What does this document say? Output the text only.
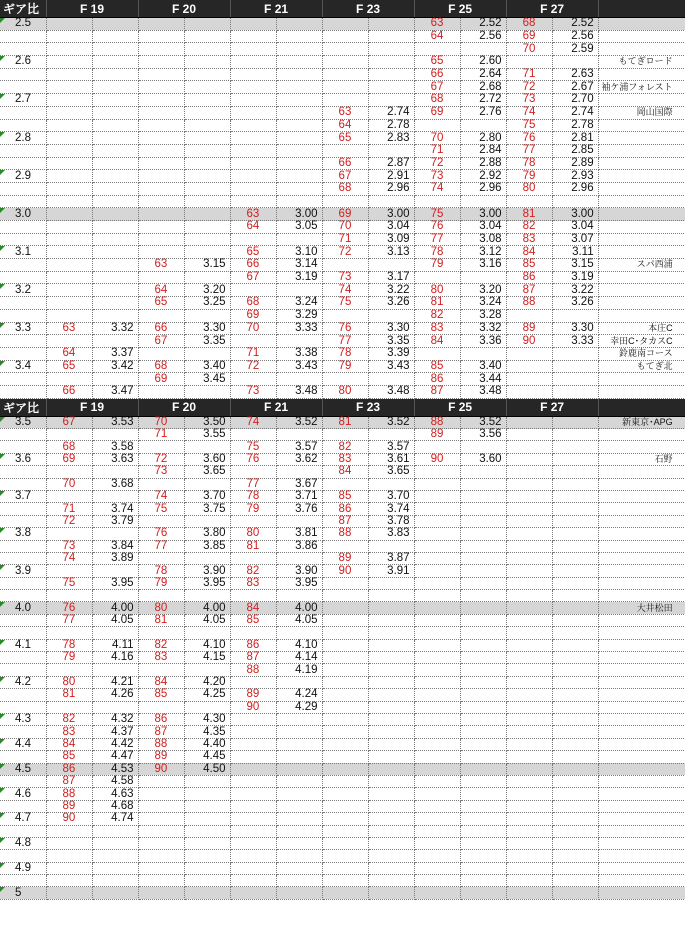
ギア比	F 19		F 20		F 21		F 23		F 25		F 27		

2.5									63	2.52	68	2.52	
									64	2.56	69	2.56	
											70	2.59	

2.6									65	2.60			もてぎロード
									66	2.64	71	2.63	
									67	2.68	72	2.67	袖ケ浦フォレスト

2.7									68	2.72	73	2.70	
							63	2.74	69	2.76	74	2.74	岡山国際
							64	2.78			75	2.78	

2.8							65	2.83	70	2.80	76	2.81	
									71	2.84	77	2.85	
							66	2.87	72	2.88	78	2.89	

2.9							67	2.91	73	2.92	79	2.93	
							68	2.96	74	2.96	80	2.96	

3.0					63	3.00	69	3.00	75	3.00	81	3.00	
					64	3.05	70	3.04	76	3.04	82	3.04	
							71	3.09	77	3.08	83	3.07	

3.1					65	3.10	72	3.13	78	3.12	84	3.11	
			63	3.15	66	3.14			79	3.16	85	3.15	スパ西浦
					67	3.19	73	3.17			86	3.19	

3.2			64	3.20			74	3.22	80	3.20	87	3.22	
			65	3.25	68	3.24	75	3.26	81	3.24	88	3.26	
					69	3.29			82	3.28			

3.3	63	3.32	66	3.30	70	3.33	76	3.30	83	3.32	89	3.30	本庄C
			67	3.35			77	3.35	84	3.36	90	3.33	幸田C･タカスC
	64	3.37			71	3.38	78	3.39					鈴鹿南コース

3.4	65	3.42	68	3.40	72	3.43	79	3.43	85	3.40			もてぎ北
			69	3.45					86	3.44			
	66	3.47			73	3.48	80	3.48	87	3.48			
ギア比	F 19		F 20		F 21		F 23		F 25		F 27		

3.5	67	3.53	70	3.50	74	3.52	81	3.52	88	3.52			新東京･APG
			71	3.55					89	3.56			
	68	3.58			75	3.57	82	3.57					

3.6	69	3.63	72	3.60	76	3.62	83	3.61	90	3.60			石野
			73	3.65			84	3.65					
	70	3.68			77	3.67							

3.7			74	3.70	78	3.71	85	3.70					
	71	3.74	75	3.75	79	3.76	86	3.74					
	72	3.79					87	3.78					

3.8			76	3.80	80	3.81	88	3.83					
	73	3.84	77	3.85	81	3.86							
	74	3.89					89	3.87					

3.9			78	3.90	82	3.90	90	3.91					
	75	3.95	79	3.95	83	3.95							

4.0	76	4.00	80	4.00	84	4.00							大井松田
	77	4.05	81	4.05	85	4.05							

4.1	78	4.11	82	4.10	86	4.10							
	79	4.16	83	4.15	87	4.14							
					88	4.19							

4.2	80	4.21	84	4.20									
	81	4.26	85	4.25	89	4.24							
					90	4.29							

4.3	82	4.32	86	4.30									
	83	4.37	87	4.35									

4.4	84	4.42	88	4.40									
	85	4.47	89	4.45									

4.5	86	4.53	90	4.50									
	87	4.58											

4.6	88	4.63											
	89	4.68											

4.7	90	4.74											

4.8													

4.9													

5													
